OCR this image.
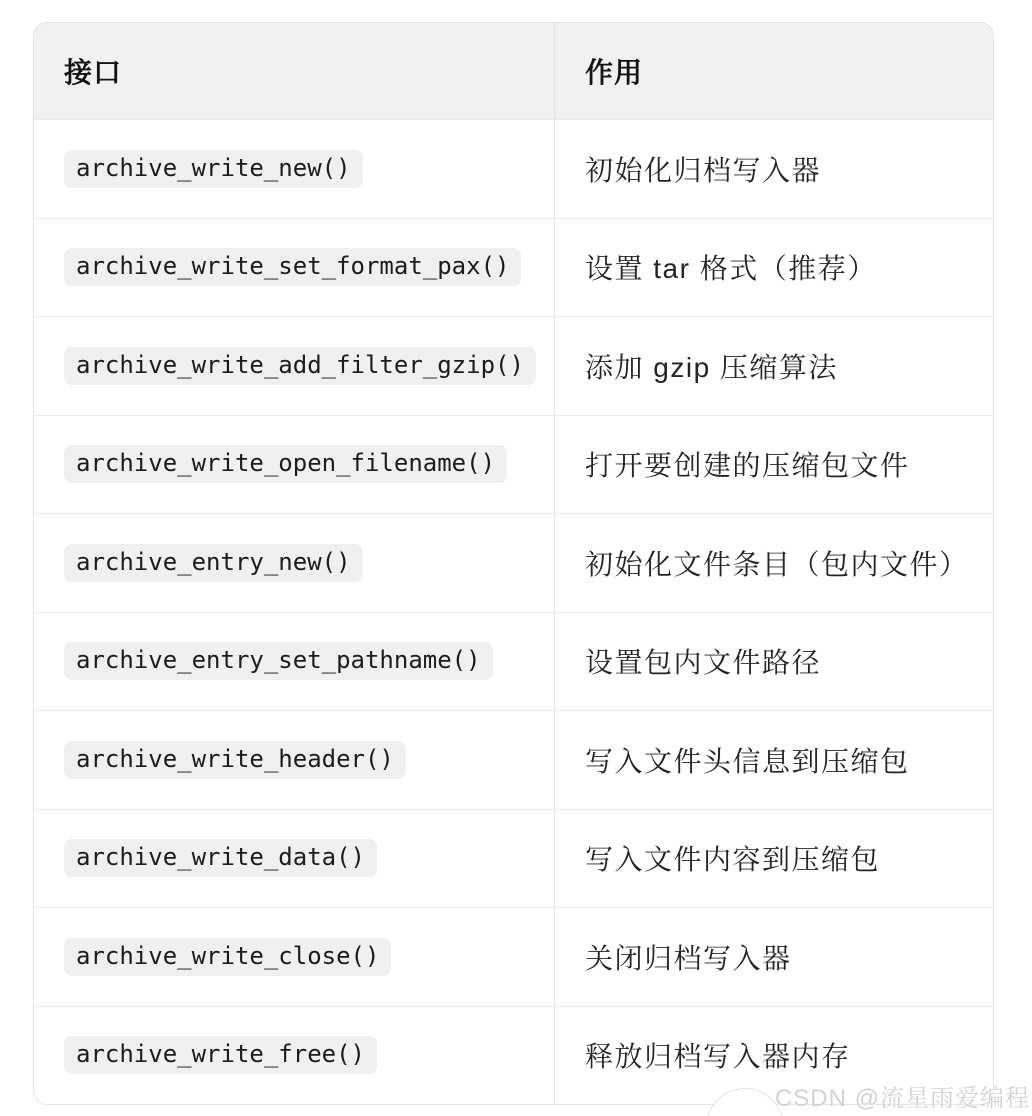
接口	作用
archive_write_new()	初始化归档写入器
archive_write_set_format_pax()	设置 tar 格式（推荐）
archive_write_add_filter_gzip()	添加 gzip 压缩算法
archive_write_open_filename()	打开要创建的压缩包文件
archive_entry_new()	初始化文件条目（包内文件）
archive_entry_set_pathname()	设置包内文件路径
archive_write_header()	写入文件头信息到压缩包
archive_write_data()	写入文件内容到压缩包
archive_write_close()	关闭归档写入器
archive_write_free()	释放归档写入器内存
CSDN @流星雨爱编程
